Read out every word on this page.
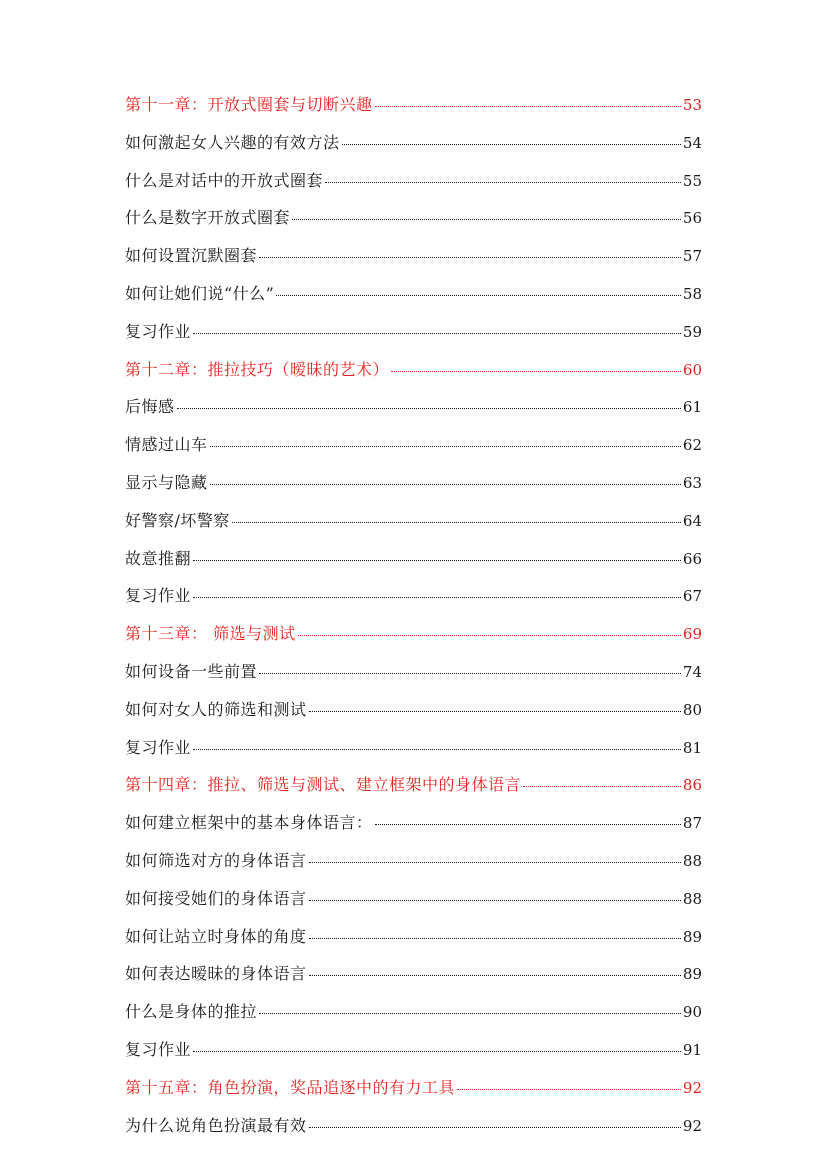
第十一章：开放式圈套与切断兴趣	53
如何激起女人兴趣的有效方法	54
什么是对话中的开放式圈套	55
什么是数字开放式圈套	56
如何设置沉默圈套	57
如何让她们说“什么”	58
复习作业	59
第十二章：推拉技巧（暧昧的艺术）	60
后悔感	61
情感过山车	62
显示与隐藏	63
好警察/坏警察	64
故意推翻	66
复习作业	67
第十三章： 筛选与测试	69
如何设备一些前置	74
如何对女人的筛选和测试	80
复习作业	81
第十四章：推拉、筛选与测试、建立框架中的身体语言	86
如何建立框架中的基本身体语言：	87
如何筛选对方的身体语言	88
如何接受她们的身体语言	88
如何让站立时身体的角度	89
如何表达暧昧的身体语言	89
什么是身体的推拉	90
复习作业	91
第十五章：角色扮演，奖品追逐中的有力工具	92
为什么说角色扮演最有效	92
